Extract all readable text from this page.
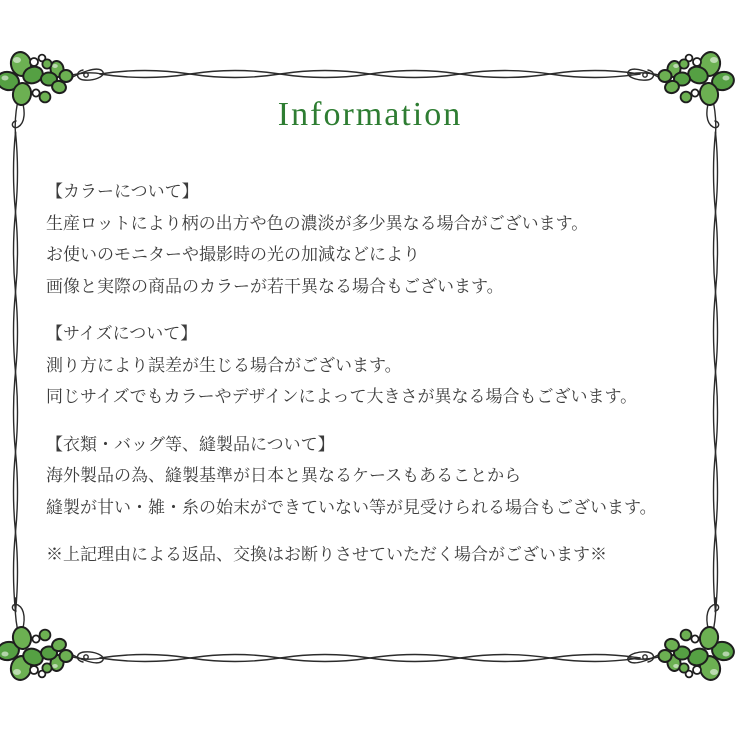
Information

【カラーについて】

生産ロットにより柄の出方や色の濃淡が多少異なる場合がございます。

お使いのモニターや撮影時の光の加減などにより

画像と実際の商品のカラーが若干異なる場合もございます。

【サイズについて】

測り方により誤差が生じる場合がございます。

同じサイズでもカラーやデザインによって大きさが異なる場合もございます。

【衣類・バッグ等、縫製品について】

海外製品の為、縫製基準が日本と異なるケースもあることから

縫製が甘い・雑・糸の始末ができていない等が見受けられる場合もございます。

※上記理由による返品、交換はお断りさせていただく場合がございます※
